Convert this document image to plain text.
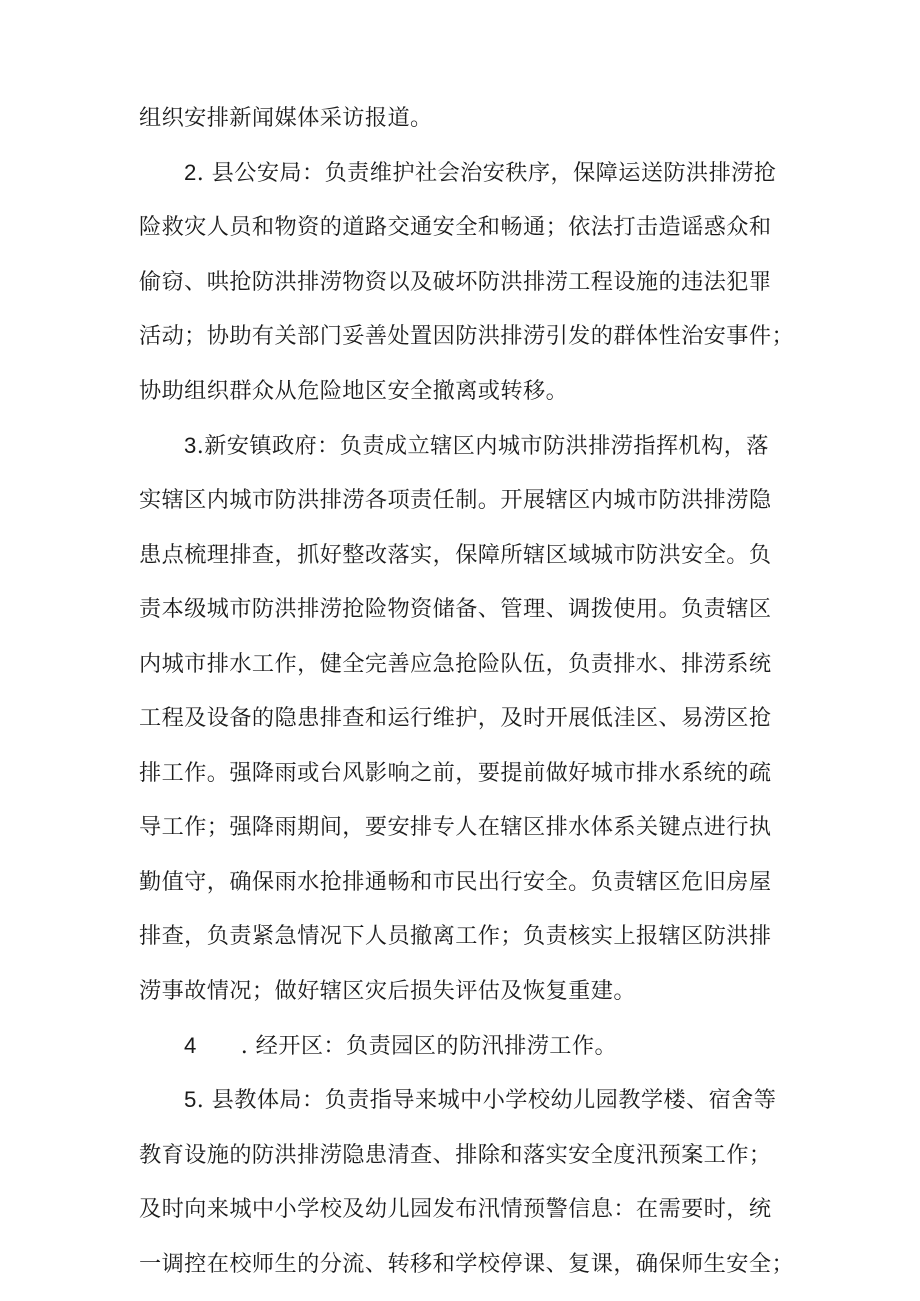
组织安排新闻媒体采访报道。
2. 县公安局：负责维护社会治安秩序，保障运送防洪排涝抢
险救灾人员和物资的道路交通安全和畅通；依法打击造谣惑众和
偷窃、哄抢防洪排涝物资以及破坏防洪排涝工程设施的违法犯罪
活动；协助有关部门妥善处置因防洪排涝引发的群体性治安事件；
协助组织群众从危险地区安全撤离或转移。
3.新安镇政府：负责成立辖区内城市防洪排涝指挥机构，落
实辖区内城市防洪排涝各项责任制。开展辖区内城市防洪排涝隐
患点梳理排查，抓好整改落实，保障所辖区域城市防洪安全。负
责本级城市防洪排涝抢险物资储备、管理、调拨使用。负责辖区
内城市排水工作，健全完善应急抢险队伍，负责排水、排涝系统
工程及设备的隐患排查和运行维护，及时开展低洼区、易涝区抢
排工作。强降雨或台风影响之前，要提前做好城市排水系统的疏
导工作；强降雨期间，要安排专人在辖区排水体系关键点进行执
勤值守，确保雨水抢排通畅和市民出行安全。负责辖区危旧房屋
排查，负责紧急情况下人员撤离工作；负责核实上报辖区防洪排
涝事故情况；做好辖区灾后损失评估及恢复重建。
4 . 经开区：负责园区的防汛排涝工作。
5. 县教体局：负责指导来城中小学校幼儿园教学楼、宿舍等
教育设施的防洪排涝隐患清查、排除和落实安全度汛预案工作；
及时向来城中小学校及幼儿园发布汛情预警信息：在需要时，统
一调控在校师生的分流、转移和学校停课、复课，确保师生安全；
